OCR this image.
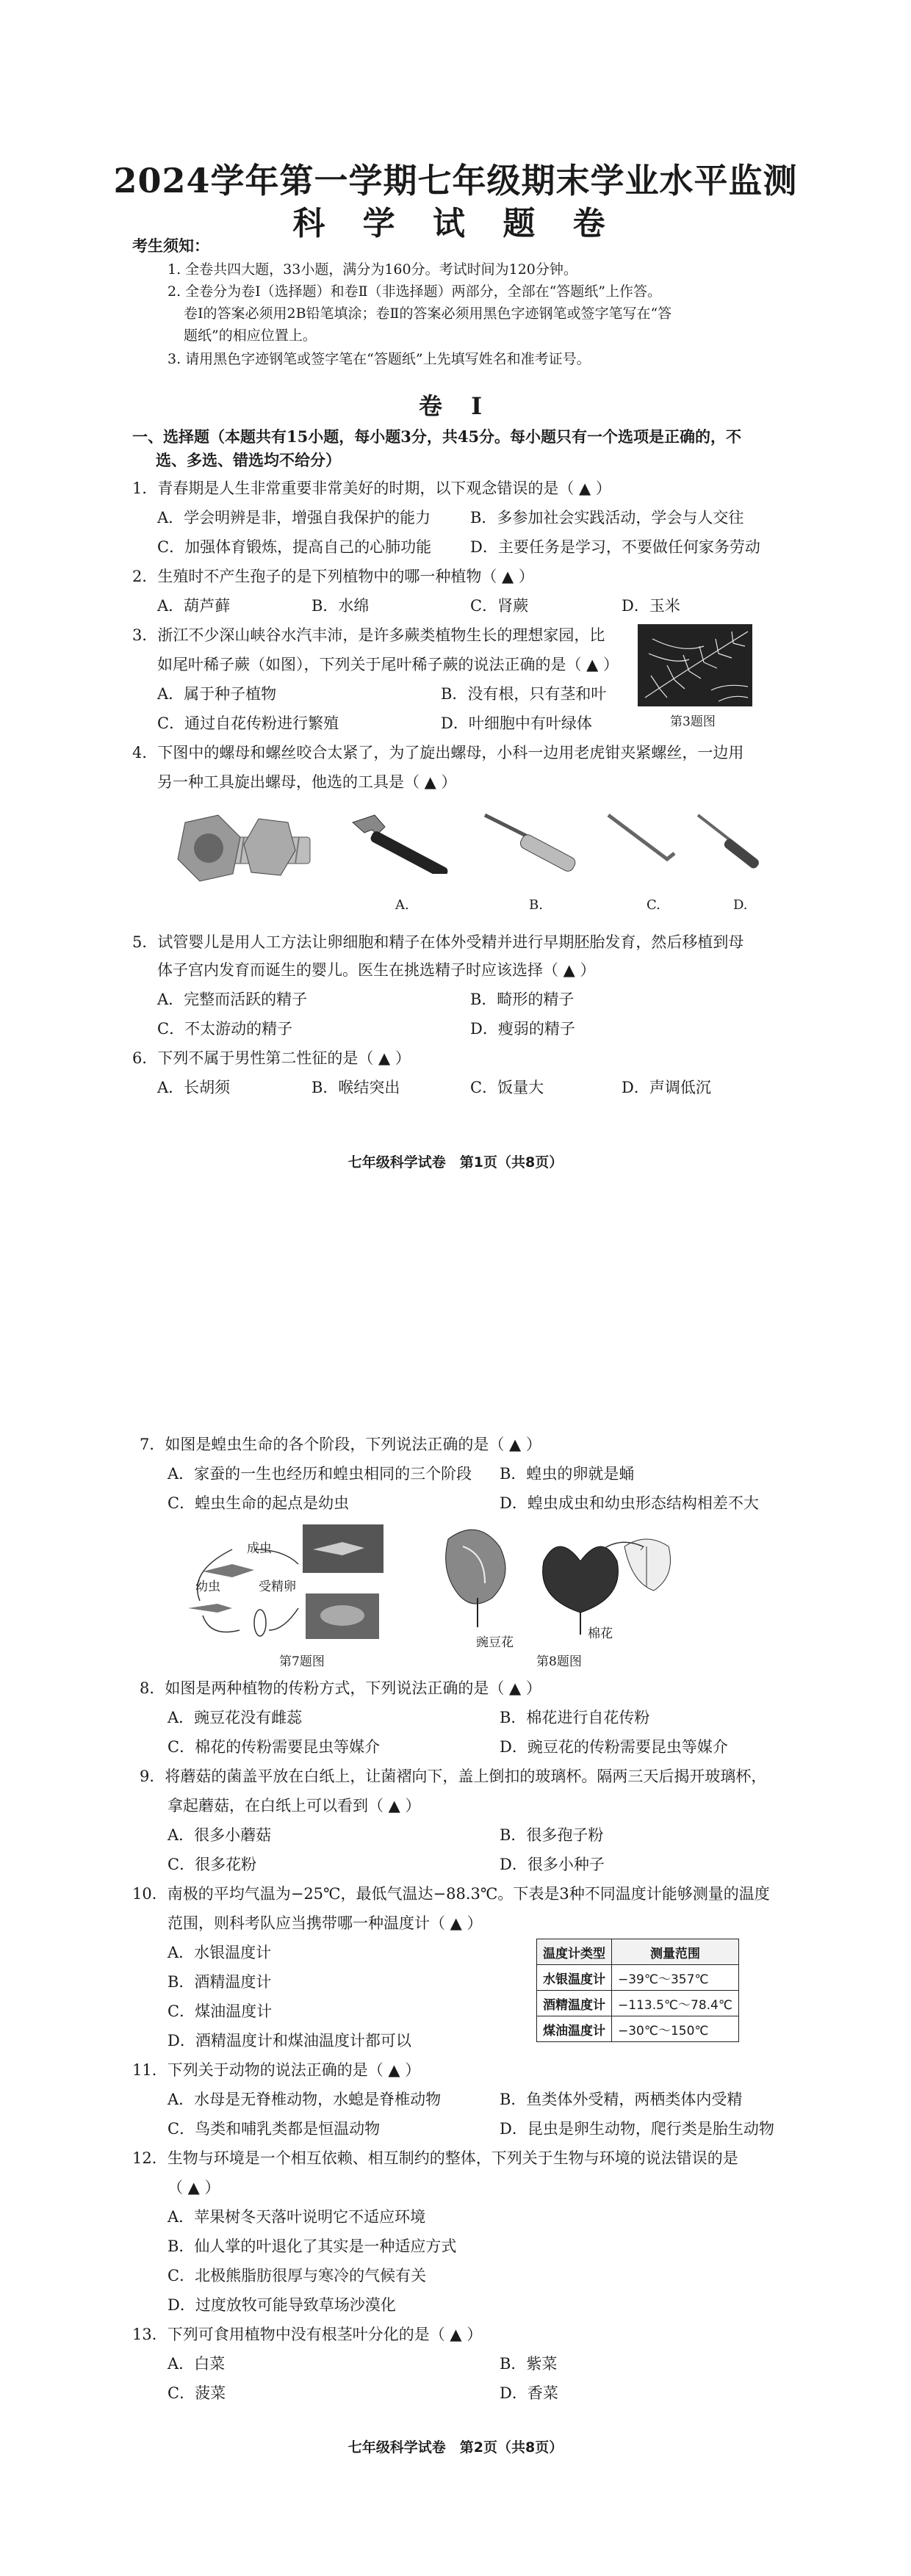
2024学年第一学期七年级期末学业水平监测
科 学 试 题 卷
考生须知：
1. 全卷共四大题，33小题，满分为160分。考试时间为120分钟。
2. 全卷分为卷Ⅰ（选择题）和卷Ⅱ（非选择题）两部分，全部在“答题纸”上作答。
卷Ⅰ的答案必须用2B铅笔填涂；卷Ⅱ的答案必须用黑色字迹钢笔或签字笔写在“答
题纸”的相应位置上。
3. 请用黑色字迹钢笔或签字笔在“答题纸”上先填写姓名和准考证号。
卷 Ⅰ
一、选择题（本题共有15小题，每小题3分，共45分。每小题只有一个选项是正确的，不
选、多选、错选均不给分）
1．青春期是人生非常重要非常美好的时期，以下观念错误的是（ ▲ ）
A．学会明辨是非，增强自我保护的能力	B．多参加社会实践活动，学会与人交往
C．加强体育锻炼，提高自己的心肺功能	D．主要任务是学习，不要做任何家务劳动
2．生殖时不产生孢子的是下列植物中的哪一种植物（ ▲ ）
A．葫芦藓	B．水绵	C．肾蕨	D．玉米
3．浙江不少深山峡谷水汽丰沛，是许多蕨类植物生长的理想家园，比
如尾叶稀子蕨（如图），下列关于尾叶稀子蕨的说法正确的是（ ▲ ）
A．属于种子植物	B．没有根，只有茎和叶
C．通过自花传粉进行繁殖	D．叶细胞中有叶绿体	第3题图
4．下图中的螺母和螺丝咬合太紧了，为了旋出螺母，小科一边用老虎钳夹紧螺丝，一边用
另一种工具旋出螺母，他选的工具是（ ▲ ）
A.	B.	C.	D.
5．试管婴儿是用人工方法让卵细胞和精子在体外受精并进行早期胚胎发育，然后移植到母
体子宫内发育而诞生的婴儿。医生在挑选精子时应该选择（ ▲ ）
A．完整而活跃的精子	B．畸形的精子
C．不太游动的精子	D．瘦弱的精子
6．下列不属于男性第二性征的是（ ▲ ）
A．长胡须	B．喉结突出	C．饭量大	D．声调低沉
七年级科学试卷　第1页（共8页）
7．如图是蝗虫生命的各个阶段，下列说法正确的是（ ▲ ）
A．家蚕的一生也经历和蝗虫相同的三个阶段 B．蝗虫的卵就是蛹
C．蝗虫生命的起点是幼虫	D．蝗虫成虫和幼虫形态结构相差不大
成虫
幼虫	受精卵
第7题图
豌豆花
棉花
第8题图
8．如图是两种植物的传粉方式，下列说法正确的是（ ▲ ）
A．豌豆花没有雌蕊	B．棉花进行自花传粉
C．棉花的传粉需要昆虫等媒介	D．豌豆花的传粉需要昆虫等媒介
9．将蘑菇的菌盖平放在白纸上，让菌褶向下，盖上倒扣的玻璃杯。隔两三天后揭开玻璃杯，
拿起蘑菇，在白纸上可以看到（ ▲ ）
A．很多小蘑菇	B．很多孢子粉
C．很多花粉	D．很多小种子
10．南极的平均气温为−25℃，最低气温达−88.3℃。下表是3种不同温度计能够测量的温度
范围，则科考队应当携带哪一种温度计（ ▲ ）
A．水银温度计
B．酒精温度计
C．煤油温度计
D．酒精温度计和煤油温度计都可以
温度计类型	测量范围
水银温度计	−39℃～357℃
酒精温度计	−113.5℃～78.4℃
煤油温度计	−30℃～150℃
11．下列关于动物的说法正确的是（ ▲ ）
A．水母是无脊椎动物，水螅是脊椎动物	B．鱼类体外受精，两栖类体内受精
C．鸟类和哺乳类都是恒温动物	D．昆虫是卵生动物，爬行类是胎生动物
12．生物与环境是一个相互依赖、相互制约的整体，下列关于生物与环境的说法错误的是
（ ▲ ）
A．苹果树冬天落叶说明它不适应环境
B．仙人掌的叶退化了其实是一种适应方式
C．北极熊脂肪很厚与寒冷的气候有关
D．过度放牧可能导致草场沙漠化
13．下列可食用植物中没有根茎叶分化的是（ ▲ ）
A．白菜	B．紫菜
C．菠菜	D．香菜
七年级科学试卷　第2页（共8页）
